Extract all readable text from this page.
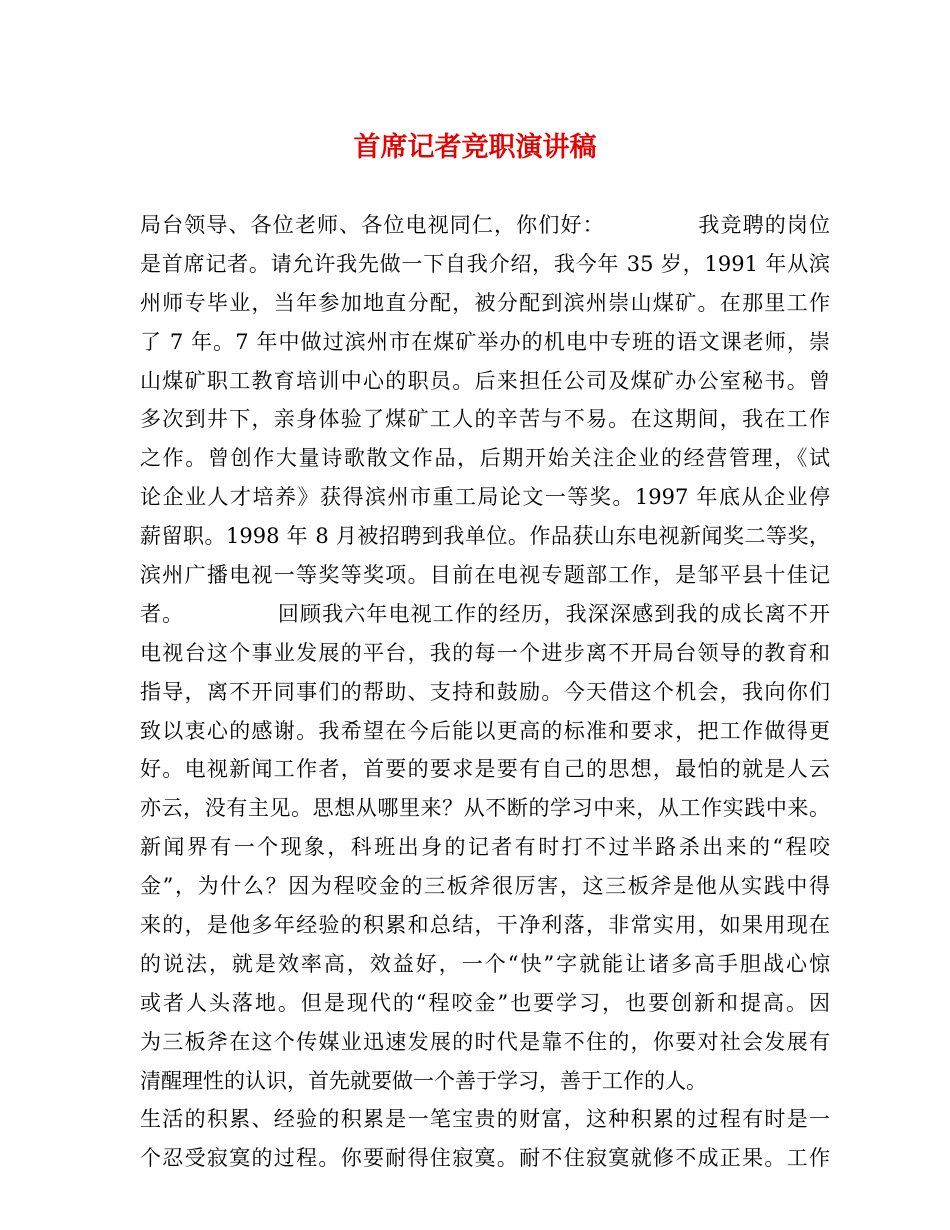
首席记者竞职演讲稿
局台领导、各位老师、各位电视同仁，你们好：            我竞聘的岗位
是首席记者。请允许我先做一下自我介绍，我今年 35 岁，1991 年从滨
州师专毕业，当年参加地直分配，被分配到滨州崇山煤矿。在那里工作
了 7 年。7 年中做过滨州市在煤矿举办的机电中专班的语文课老师，崇
山煤矿职工教育培训中心的职员。后来担任公司及煤矿办公室秘书。曾
多次到井下，亲身体验了煤矿工人的辛苦与不易。在这期间，我在工作
之作。曾创作大量诗歌散文作品，后期开始关注企业的经营管理，《试
论企业人才培养》获得滨州市重工局论文一等奖。1997 年底从企业停
薪留职。1998 年 8 月被招聘到我单位。作品获山东电视新闻奖二等奖，
滨州广播电视一等奖等奖项。目前在电视专题部工作，是邹平县十佳记
者。            回顾我六年电视工作的经历，我深深感到我的成长离不开
电视台这个事业发展的平台，我的每一个进步离不开局台领导的教育和
指导，离不开同事们的帮助、支持和鼓励。今天借这个机会，我向你们
致以衷心的感谢。我希望在今后能以更高的标准和要求，把工作做得更
好。电视新闻工作者，首要的要求是要有自己的思想，最怕的就是人云
亦云，没有主见。思想从哪里来？从不断的学习中来，从工作实践中来。
新闻界有一个现象，科班出身的记者有时打不过半路杀出来的“程咬
金”，为什么？因为程咬金的三板斧很厉害，这三板斧是他从实践中得
来的，是他多年经验的积累和总结，干净利落，非常实用，如果用现在
的说法，就是效率高，效益好，一个“快”字就能让诸多高手胆战心惊
或者人头落地。但是现代的“程咬金”也要学习，也要创新和提高。因
为三板斧在这个传媒业迅速发展的时代是靠不住的，你要对社会发展有
清醒理性的认识，首先就要做一个善于学习，善于工作的人。
生活的积累、经验的积累是一笔宝贵的财富，这种积累的过程有时是一
个忍受寂寞的过程。你要耐得住寂寞。耐不住寂寞就修不成正果。工作
